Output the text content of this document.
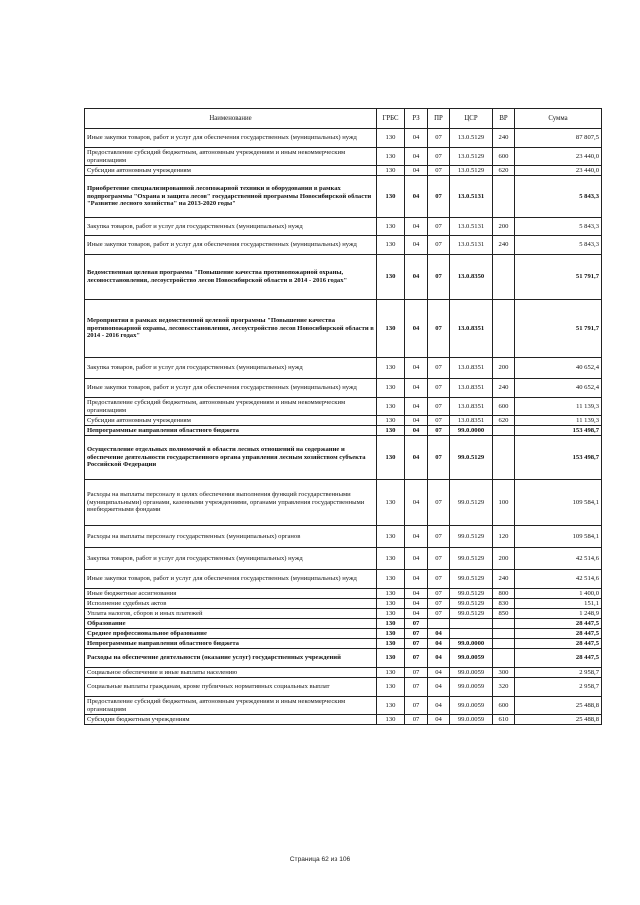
Наименование	ГРБС	РЗ	ПР	ЦСР	ВР	Сумма
Иные закупки товаров, работ и услуг для обеспечения государственных (муниципальных) нужд	130	04	07	13.0.5129	240	87 807,5
Предоставление субсидий бюджетным, автономным учреждениям и иным некоммерческим организациям	130	04	07	13.0.5129	600	23 440,0
Субсидии автономным учреждениям	130	04	07	13.0.5129	620	23 440,0
Приобретение специализированной лесопожарной техники и оборудования в рамках подпрограммы "Охрана и защита лесов" государственной программы Новосибирской области "Развитие лесного хозяйства" на 2013-2020 годы"	130	04	07	13.0.5131		5 843,3
Закупка товаров, работ и услуг для государственных (муниципальных) нужд	130	04	07	13.0.5131	200	5 843,3
Иные закупки товаров, работ и услуг для обеспечения государственных (муниципальных) нужд	130	04	07	13.0.5131	240	5 843,3
Ведомственная целевая программа "Повышение качества противопожарной охраны, лесовосстановления, лесоустройство лесов Новосибирской области в 2014 - 2016 годах"	130	04	07	13.0.8350		51 791,7
Мероприятия в рамках ведомственной целевой программы "Повышение качества противопожарной охраны, лесовосстановления, лесоустройство лесов Новосибирской области в 2014 - 2016 годах"	130	04	07	13.0.8351		51 791,7
Закупка товаров, работ и услуг для государственных (муниципальных) нужд	130	04	07	13.0.8351	200	40 652,4
Иные закупки товаров, работ и услуг для обеспечения государственных (муниципальных) нужд	130	04	07	13.0.8351	240	40 652,4
Предоставление субсидий бюджетным, автономным учреждениям и иным некоммерческим организациям	130	04	07	13.0.8351	600	11 139,3
Субсидии автономным учреждениям	130	04	07	13.0.8351	620	11 139,3
Непрограммные направления областного бюджета	130	04	07	99.0.0000		153 498,7
Осуществление отдельных полномочий в области лесных отношений на содержание и обеспечение деятельности государственного органа управления лесным хозяйством субъекта Российской Федерации	130	04	07	99.0.5129		153 498,7
Расходы на выплаты персоналу в целях обеспечения выполнения функций государственными (муниципальными) органами, казенными учреждениями, органами управления государственными внебюджетными фондами	130	04	07	99.0.5129	100	109 584,1
Расходы на выплаты персоналу государственных (муниципальных) органов	130	04	07	99.0.5129	120	109 584,1
Закупка товаров, работ и услуг для государственных (муниципальных) нужд	130	04	07	99.0.5129	200	42 514,6
Иные закупки товаров, работ и услуг для обеспечения государственных (муниципальных) нужд	130	04	07	99.0.5129	240	42 514,6
Иные бюджетные ассигнования	130	04	07	99.0.5129	800	1 400,0
Исполнение судебных актов	130	04	07	99.0.5129	830	151,1
Уплата налогов, сборов и иных платежей	130	04	07	99.0.5129	850	1 248,9
Образование	130	07				28 447,5
Среднее профессиональное образование	130	07	04			28 447,5
Непрограммные направления областного бюджета	130	07	04	99.0.0000		28 447,5
Расходы на обеспечение деятельности (оказание услуг) государственных учреждений	130	07	04	99.0.0059		28 447,5
Социальное обеспечение и иные выплаты населению	130	07	04	99.0.0059	300	2 958,7
Социальные выплаты гражданам, кроме публичных нормативных социальных выплат	130	07	04	99.0.0059	320	2 958,7
Предоставление субсидий бюджетным, автономным учреждениям и иным некоммерческим организациям	130	07	04	99.0.0059	600	25 488,8
Субсидии бюджетным учреждениям	130	07	04	99.0.0059	610	25 488,8
Страница 62 из 106
